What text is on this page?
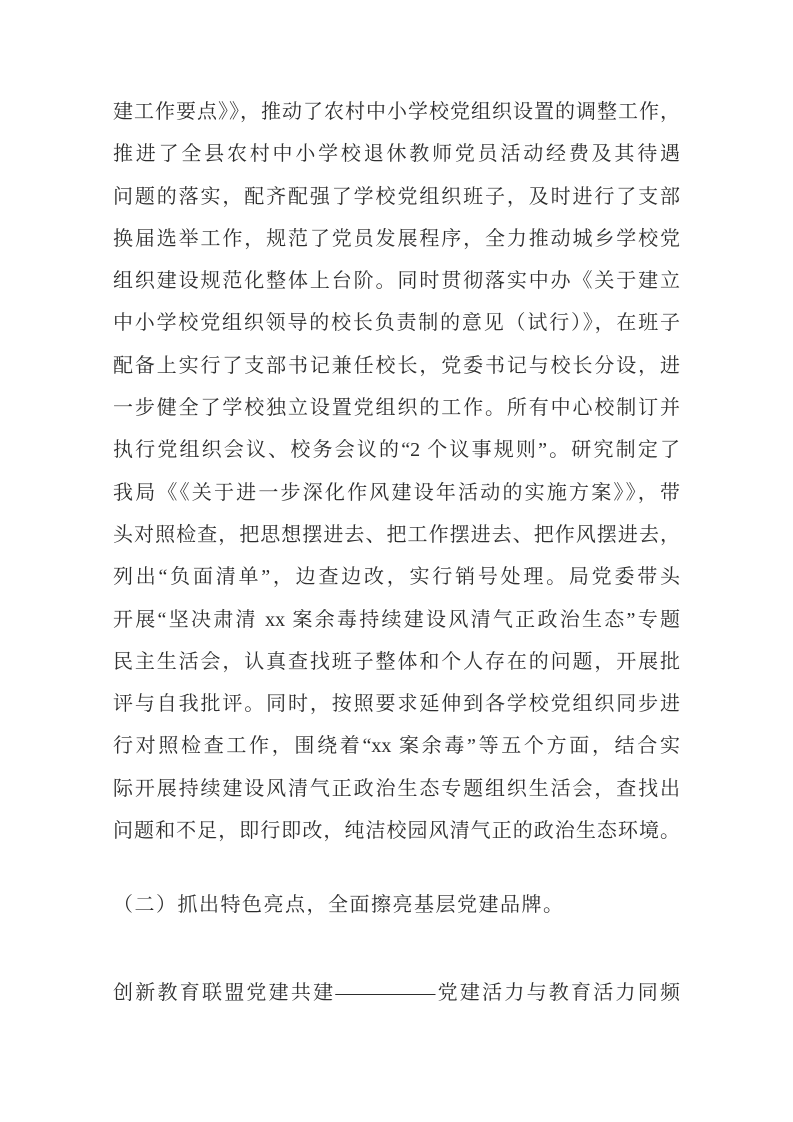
建工作要点》》，推动了农村中小学校党组织设置的调整工作，
推进了全县农村中小学校退休教师党员活动经费及其待遇
问题的落实，配齐配强了学校党组织班子，及时进行了支部
换届选举工作，规范了党员发展程序，全力推动城乡学校党
组织建设规范化整体上台阶。同时贯彻落实中办《关于建立
中小学校党组织领导的校长负责制的意见（试行）》，在班子
配备上实行了支部书记兼任校长，党委书记与校长分设，进
一步健全了学校独立设置党组织的工作。所有中心校制订并
执行党组织会议、校务会议的“2 个议事规则”。研究制定了
我局《《关于进一步深化作风建设年活动的实施方案》》，带
头对照检查，把思想摆进去、把工作摆进去、把作风摆进去，
列出“负面清单”，边查边改，实行销号处理。局党委带头
开展“坚决肃清 xx 案余毒持续建设风清气正政治生态”专题
民主生活会，认真查找班子整体和个人存在的问题，开展批
评与自我批评。同时，按照要求延伸到各学校党组织同步进
行对照检查工作，围绕着“xx 案余毒”等五个方面，结合实
际开展持续建设风清气正政治生态专题组织生活会，查找出
问题和不足，即行即改，纯洁校园风清气正的政治生态环境。
（二）抓出特色亮点，全面擦亮基层党建品牌。
创新教育联盟党建共建—————党建活力与教育活力同频
